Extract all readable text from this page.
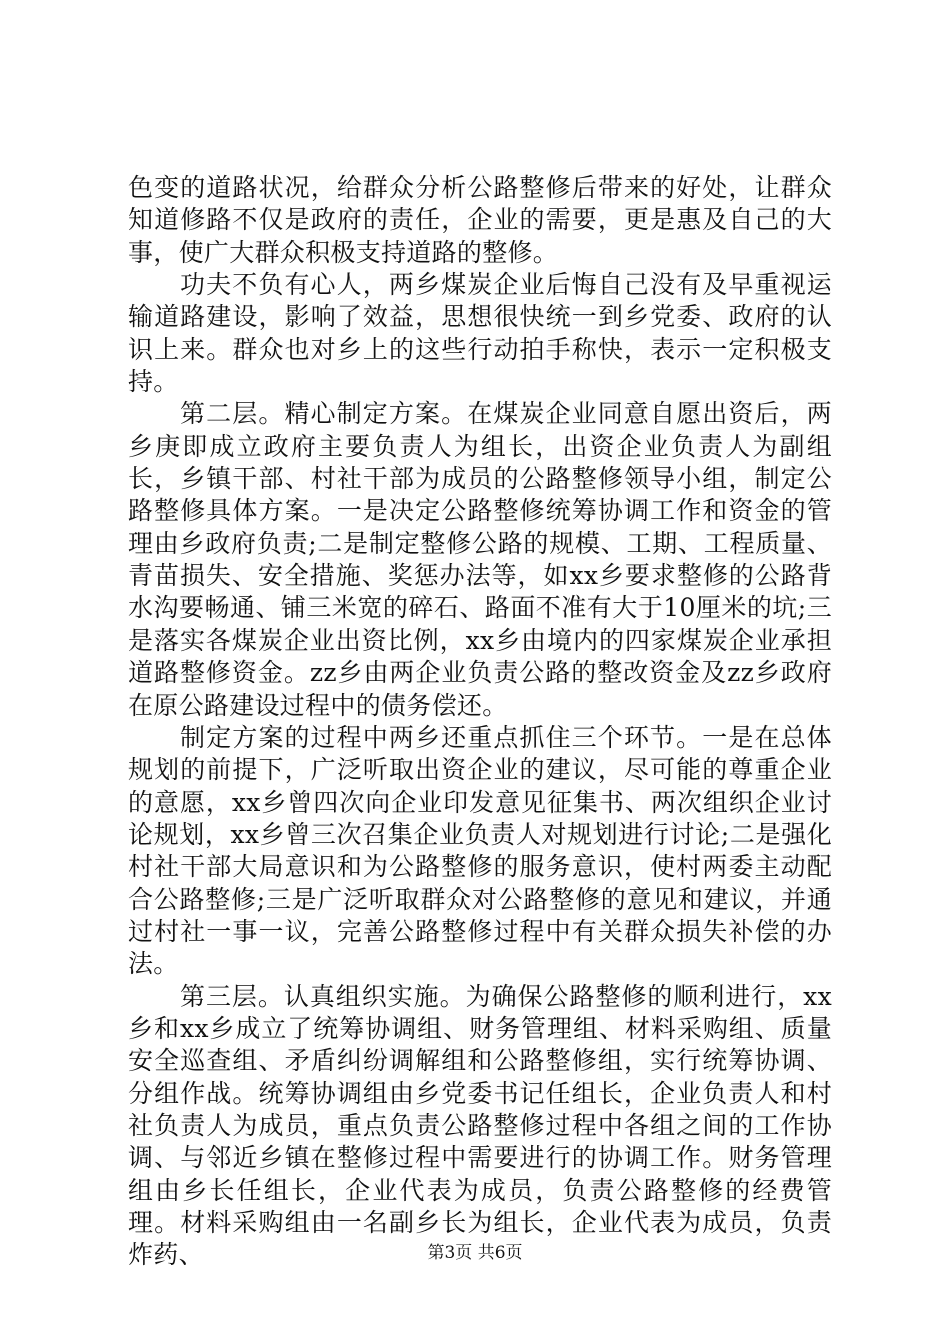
色变的道路状况，给群众分析公路整修后带来的好处，让群众知道修路不仅是政府的责任，企业的需要，更是惠及自己的大事，使广大群众积极支持道路的整修。

功夫不负有心人，两乡煤炭企业后悔自己没有及早重视运输道路建设，影响了效益，思想很快统一到乡党委、政府的认识上来。群众也对乡上的这些行动拍手称快，表示一定积极支持。

第二层。精心制定方案。在煤炭企业同意自愿出资后，两乡庚即成立政府主要负责人为组长，出资企业负责人为副组长，乡镇干部、村社干部为成员的公路整修领导小组，制定公路整修具体方案。一是决定公路整修统筹协调工作和资金的管理由乡政府负责;二是制定整修公路的规模、工期、工程质量、青苗损失、安全措施、奖惩办法等，如xx乡要求整修的公路背水沟要畅通、铺三米宽的碎石、路面不准有大于10厘米的坑;三是落实各煤炭企业出资比例，xx乡由境内的四家煤炭企业承担道路整修资金。zz乡由两企业负责公路的整改资金及zz乡政府在原公路建设过程中的债务偿还。

制定方案的过程中两乡还重点抓住三个环节。一是在总体规划的前提下，广泛听取出资企业的建议，尽可能的尊重企业的意愿，xx乡曾四次向企业印发意见征集书、两次组织企业讨论规划，xx乡曾三次召集企业负责人对规划进行讨论;二是强化村社干部大局意识和为公路整修的服务意识，使村两委主动配合公路整修;三是广泛听取群众对公路整修的意见和建议，并通过村社一事一议，完善公路整修过程中有关群众损失补偿的办法。

第三层。认真组织实施。为确保公路整修的顺利进行，xx乡和xx乡成立了统筹协调组、财务管理组、材料采购组、质量安全巡查组、矛盾纠纷调解组和公路整修组，实行统筹协调、分组作战。统筹协调组由乡党委书记任组长，企业负责人和村社负责人为成员，重点负责公路整修过程中各组之间的工作协调、与邻近乡镇在整修过程中需要进行的协调工作。财务管理组由乡长任组长，企业代表为成员，负责公路整修的经费管理。材料采购组由一名副乡长为组长，企业代表为成员，负责炸药、	第3页 共6页
